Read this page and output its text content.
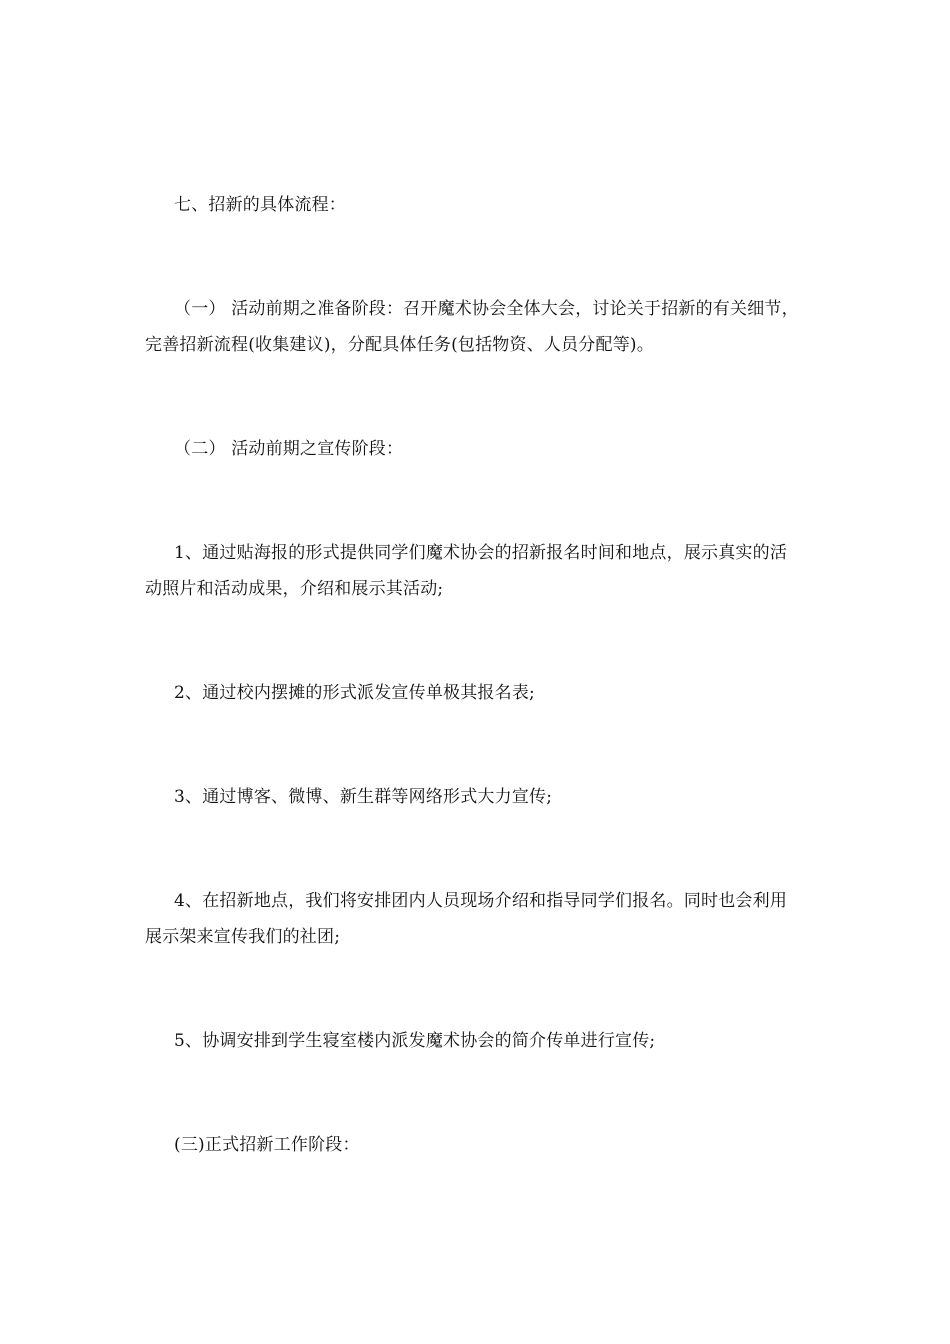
七、招新的具体流程：
（一） 活动前期之准备阶段：召开魔术协会全体大会，讨论关于招新的有关细节，完善招新流程(收集建议)，分配具体任务(包括物资、人员分配等)。
（二） 活动前期之宣传阶段：
1、通过贴海报的形式提供同学们魔术协会的招新报名时间和地点，展示真实的活动照片和活动成果，介绍和展示其活动;
2、通过校内摆摊的形式派发宣传单极其报名表;
3、通过博客、微博、新生群等网络形式大力宣传;
4、在招新地点，我们将安排团内人员现场介绍和指导同学们报名。同时也会利用展示架来宣传我们的社团;
5、协调安排到学生寝室楼内派发魔术协会的简介传单进行宣传;
(三)正式招新工作阶段：
